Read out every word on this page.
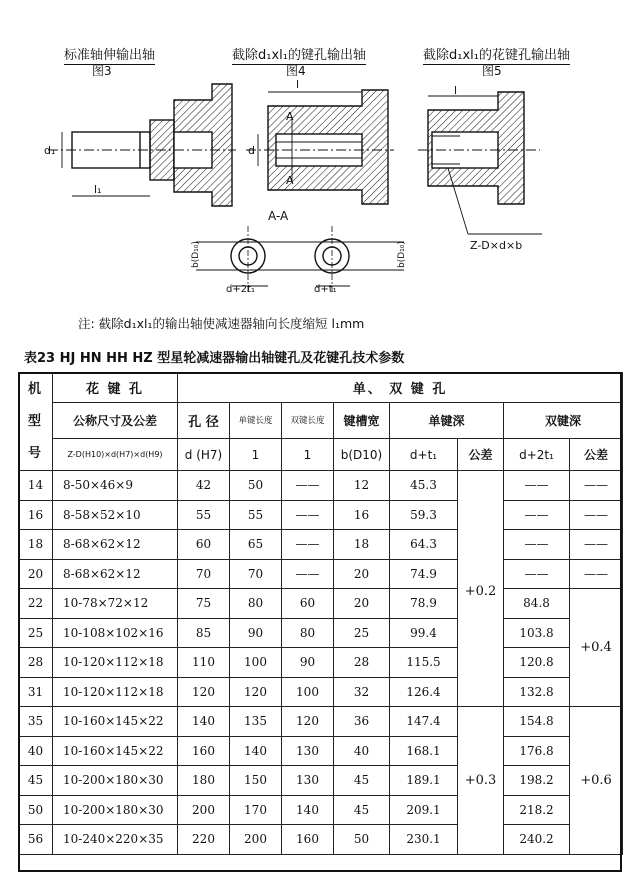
标准轴伸输出轴
图3
截除d₁xl₁的键孔输出轴
图4
截除d₁xl₁的花键孔输出轴
图5
d₁
l₁
l
d
A
A
A-A
l
Z-D×d×b
d+2t₁	d+t₁
b(D₁₀)	b(D₁₀)
注: 截除d₁xl₁的输出轴使减速器轴向长度缩短 l₁mm
表23 HJ HN HH HZ 型星轮减速器输出轴键孔及花键孔技术参数
机
型
号	花 键 孔	单、 双 键 孔							
	公称尺寸及公差	孔 径	单键长度	双键长度	键槽宽	单键深		双键深	
	Z-D(H10)×d(H7)×d(H9)	d (H7)	1	1	b(D10)	d+t₁	公差	d+2t₁	公差
14	8-50×46×9	42	50	——	12	45.3	+0.2	——	——
16	8-58×52×10	55	55	——	16	59.3		——	——
18	8-68×62×12	60	65	——	18	64.3		——	——
20	8-68×62×12	70	70	——	20	74.9		——	——
22	10-78×72×12	75	80	60	20	78.9		84.8	+0.4
25	10-108×102×16	85	90	80	25	99.4		103.8	
28	10-120×112×18	110	100	90	28	115.5		120.8	
31	10-120×112×18	120	120	100	32	126.4		132.8	
35	10-160×145×22	140	135	120	36	147.4	+0.3	154.8	+0.6
40	10-160×145×22	160	140	130	40	168.1		176.8	
45	10-200×180×30	180	150	130	45	189.1		198.2	
50	10-200×180×30	200	170	140	45	209.1		218.2	
56	10-240×220×35	220	200	160	50	230.1		240.2	
